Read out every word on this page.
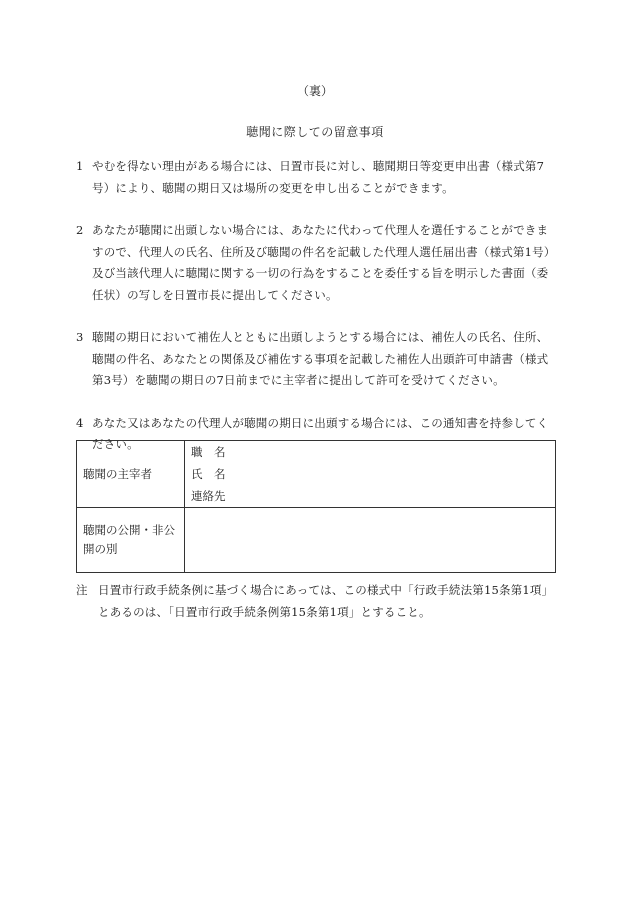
（裏）
聴聞に際しての留意事項
1 やむを得ない理由がある場合には、日置市長に対し、聴聞期日等変更申出書（様式第7号）により、聴聞の期日又は場所の変更を申し出ることができます。
2 あなたが聴聞に出頭しない場合には、あなたに代わって代理人を選任することができますので、代理人の氏名、住所及び聴聞の件名を記載した代理人選任届出書（様式第1号）及び当該代理人に聴聞に関する一切の行為をすることを委任する旨を明示した書面（委任状）の写しを日置市長に提出してください。
3 聴聞の期日において補佐人とともに出頭しようとする場合には、補佐人の氏名、住所、聴聞の件名、あなたとの関係及び補佐する事項を記載した補佐人出頭許可申請書（様式第3号）を聴聞の期日の7日前までに主宰者に提出して許可を受けてください。
4 あなた又はあなたの代理人が聴聞の期日に出頭する場合には、この通知書を持参してください。
聴聞の主宰者	職　名
氏　名
連絡先

聴聞の公開・非公開の別	
注 日置市行政手続条例に基づく場合にあっては、この様式中「行政手続法第15条第1項」とあるのは、「日置市行政手続条例第15条第1項」とすること。
